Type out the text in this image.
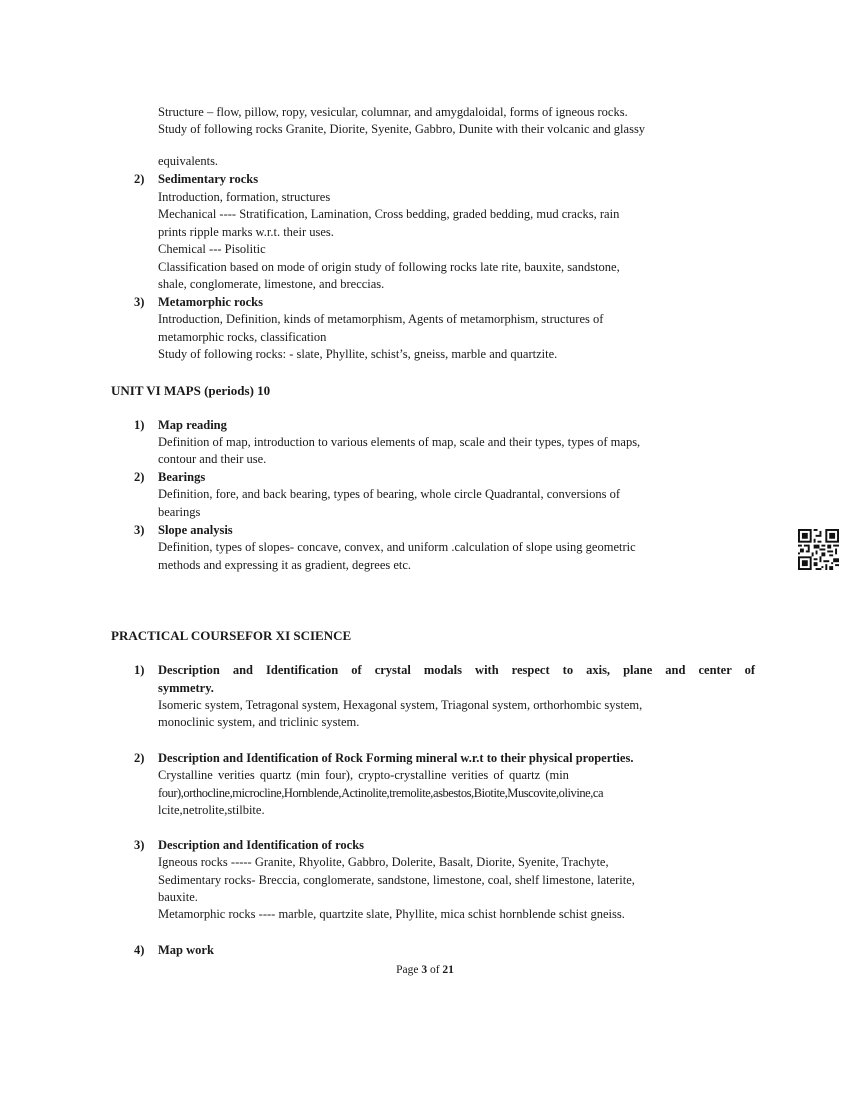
Structure – flow, pillow, ropy, vesicular, columnar, and amygdaloidal, forms of igneous rocks.
Study of following rocks Granite, Diorite, Syenite, Gabbro, Dunite with their volcanic and glassy
equivalents.
2) Sedimentary rocks
Introduction, formation, structures
Mechanical ---- Stratification, Lamination, Cross bedding, graded bedding, mud cracks, rain
prints ripple marks w.r.t. their uses.
Chemical --- Pisolitic
Classification based on mode of origin study of following rocks late rite, bauxite, sandstone,
shale, conglomerate, limestone, and breccias.
3) Metamorphic rocks
Introduction, Definition, kinds of metamorphism, Agents of metamorphism, structures of
metamorphic rocks, classification
Study of following rocks: - slate, Phyllite, schist’s, gneiss, marble and quartzite.
UNIT VI MAPS (periods) 10
1) Map reading
Definition of map, introduction to various elements of map, scale and their types, types of maps,
contour and their use.
2) Bearings
Definition, fore, and back bearing, types of bearing, whole circle Quadrantal, conversions of
bearings
3) Slope analysis
Definition, types of slopes- concave, convex, and uniform .calculation of slope using geometric
methods and expressing it as gradient, degrees etc.
PRACTICAL COURSEFOR XI SCIENCE
1) Description and Identification of crystal modals with respect to axis, plane and center of
symmetry.
Isomeric system, Tetragonal system, Hexagonal system, Triagonal system, orthorhombic system,
monoclinic system, and triclinic system.
2) Description and Identification of Rock Forming mineral w.r.t to their physical properties.
Crystalline verities quartz (min four), crypto-crystalline verities of quartz (min
four),orthocline,microcline,Hornblende,Actinolite,tremolite,asbestos,Biotite,Muscovite,olivine,ca
lcite,netrolite,stilbite.
3) Description and Identification of rocks
Igneous rocks ----- Granite, Rhyolite, Gabbro, Dolerite, Basalt, Diorite, Syenite, Trachyte,
Sedimentary rocks- Breccia, conglomerate, sandstone, limestone, coal, shelf limestone, laterite,
bauxite.
Metamorphic rocks ---- marble, quartzite slate, Phyllite, mica schist hornblende schist gneiss.
4) Map work
Page 3 of 21
